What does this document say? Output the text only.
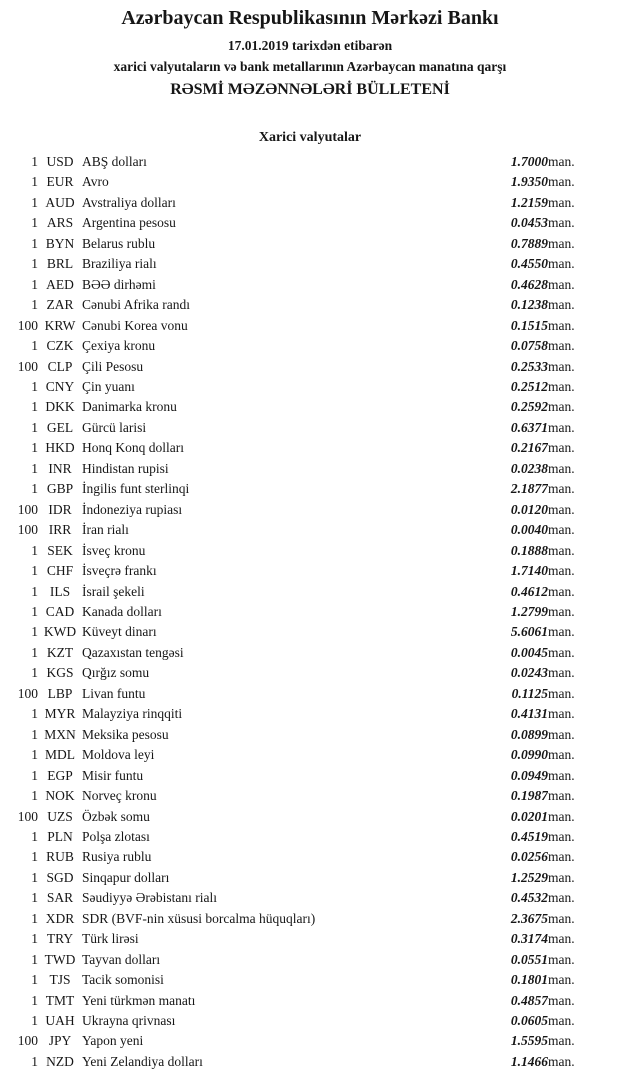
Azərbaycan Respublikasının Mərkəzi Bankı
17.01.2019 tarixdən etibarən
xarici valyutaların və bank metallarının Azərbaycan manatına qarşı
RƏSMİ MƏZƏNNƏLƏRİ BÜLLETENİ
Xarici valyutalar
1	USD	ABŞ dolları	1.7000	man.
1	EUR	Avro	1.9350	man.
1	AUD	Avstraliya dolları	1.2159	man.
1	ARS	Argentina pesosu	0.0453	man.
1	BYN	Belarus rublu	0.7889	man.
1	BRL	Braziliya rialı	0.4550	man.
1	AED	BƏƏ dirhəmi	0.4628	man.
1	ZAR	Cənubi Afrika randı	0.1238	man.
100	KRW	Cənubi Korea vonu	0.1515	man.
1	CZK	Çexiya kronu	0.0758	man.
100	CLP	Çili Pesosu	0.2533	man.
1	CNY	Çin yuanı	0.2512	man.
1	DKK	Danimarka kronu	0.2592	man.
1	GEL	Gürcü larisi	0.6371	man.
1	HKD	Honq Konq dolları	0.2167	man.
1	INR	Hindistan rupisi	0.0238	man.
1	GBP	İngilis funt sterlinqi	2.1877	man.
100	IDR	İndoneziya rupiası	0.0120	man.
100	IRR	İran rialı	0.0040	man.
1	SEK	İsveç kronu	0.1888	man.
1	CHF	İsveçrə frankı	1.7140	man.
1	ILS	İsrail şekeli	0.4612	man.
1	CAD	Kanada dolları	1.2799	man.
1	KWD	Küveyt dinarı	5.6061	man.
1	KZT	Qazaxıstan tengəsi	0.0045	man.
1	KGS	Qırğız somu	0.0243	man.
100	LBP	Livan funtu	0.1125	man.
1	MYR	Malayziya rinqqiti	0.4131	man.
1	MXN	Meksika pesosu	0.0899	man.
1	MDL	Moldova leyi	0.0990	man.
1	EGP	Misir funtu	0.0949	man.
1	NOK	Norveç kronu	0.1987	man.
100	UZS	Özbək somu	0.0201	man.
1	PLN	Polşa zlotası	0.4519	man.
1	RUB	Rusiya rublu	0.0256	man.
1	SGD	Sinqapur dolları	1.2529	man.
1	SAR	Səudiyyə Ərəbistanı rialı	0.4532	man.
1	XDR	SDR (BVF-nin xüsusi borcalma hüquqları)	2.3675	man.
1	TRY	Türk lirəsi	0.3174	man.
1	TWD	Tayvan dolları	0.0551	man.
1	TJS	Tacik somonisi	0.1801	man.
1	TMT	Yeni türkmən manatı	0.4857	man.
1	UAH	Ukrayna qrivnası	0.0605	man.
100	JPY	Yapon yeni	1.5595	man.
1	NZD	Yeni Zelandiya dolları	1.1466	man.
